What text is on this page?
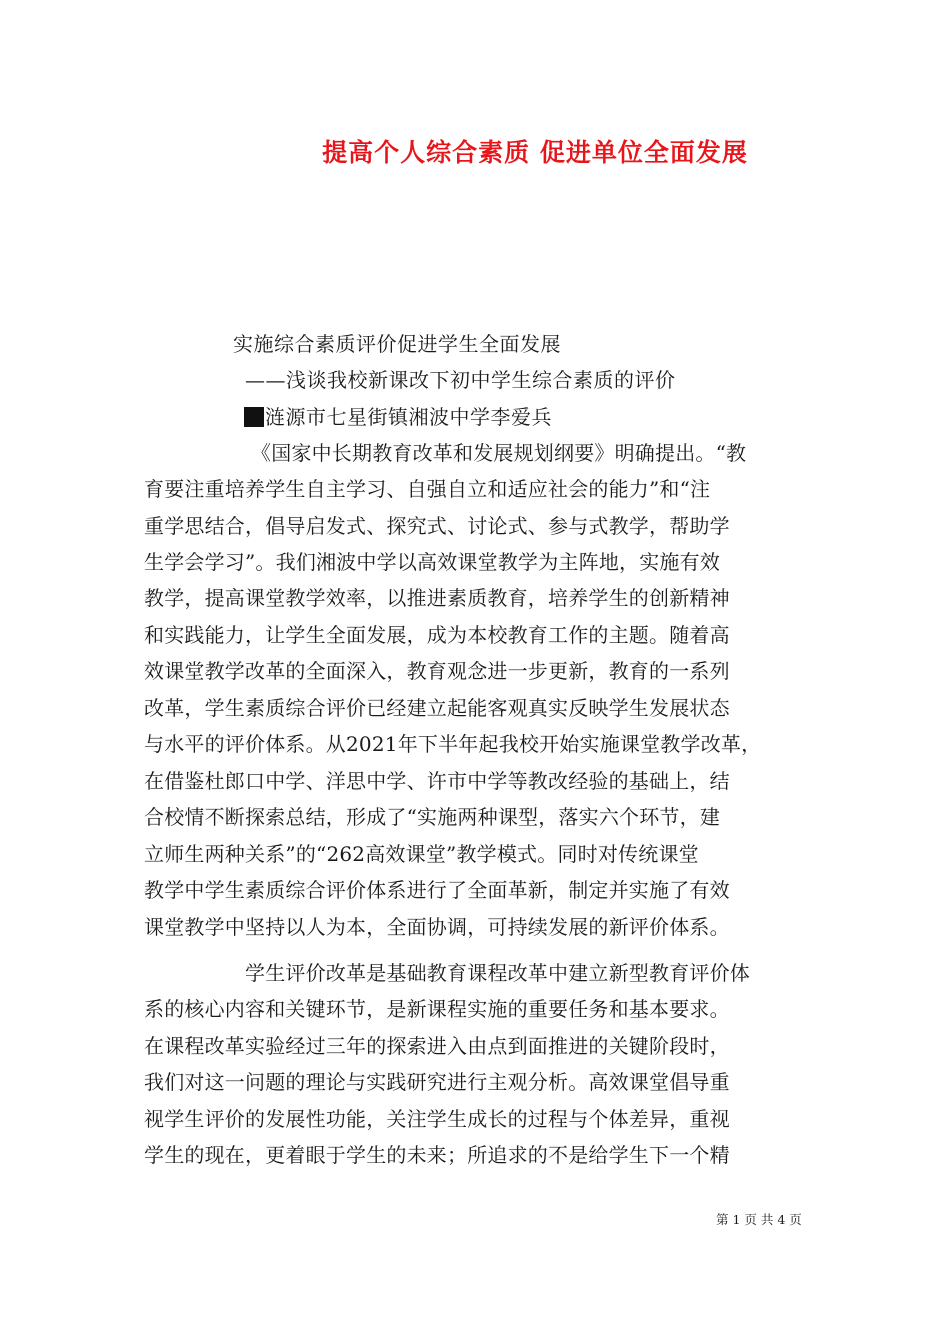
提高个人综合素质 促进单位全面发展
实施综合素质评价促进学生全面发展
——浅谈我校新课改下初中学生综合素质的评价
涟源市七星街镇湘波中学李爱兵
《国家中长期教育改革和发展规划纲要》明确提出。“教
育要注重培养学生自主学习、自强自立和适应社会的能力”和“注
重学思结合，倡导启发式、探究式、讨论式、参与式教学，帮助学
生学会学习”。我们湘波中学以高效课堂教学为主阵地，实施有效
教学，提高课堂教学效率，以推进素质教育，培养学生的创新精神
和实践能力，让学生全面发展，成为本校教育工作的主题。随着高
效课堂教学改革的全面深入，教育观念进一步更新，教育的一系列
改革，学生素质综合评价已经建立起能客观真实反映学生发展状态
与水平的评价体系。从2021年下半年起我校开始实施课堂教学改革，
在借鉴杜郎口中学、洋思中学、许市中学等教改经验的基础上，结
合校情不断探索总结，形成了“实施两种课型，落实六个环节，建
立师生两种关系”的“262高效课堂”教学模式。同时对传统课堂
教学中学生素质综合评价体系进行了全面革新，制定并实施了有效
课堂教学中坚持以人为本，全面协调，可持续发展的新评价体系。
学生评价改革是基础教育课程改革中建立新型教育评价体
系的核心内容和关键环节，是新课程实施的重要任务和基本要求。
在课程改革实验经过三年的探索进入由点到面推进的关键阶段时，
我们对这一问题的理论与实践研究进行主观分析。高效课堂倡导重
视学生评价的发展性功能，关注学生成长的过程与个体差异，重视
学生的现在，更着眼于学生的未来；所追求的不是给学生下一个精
第 1 页 共 4 页
